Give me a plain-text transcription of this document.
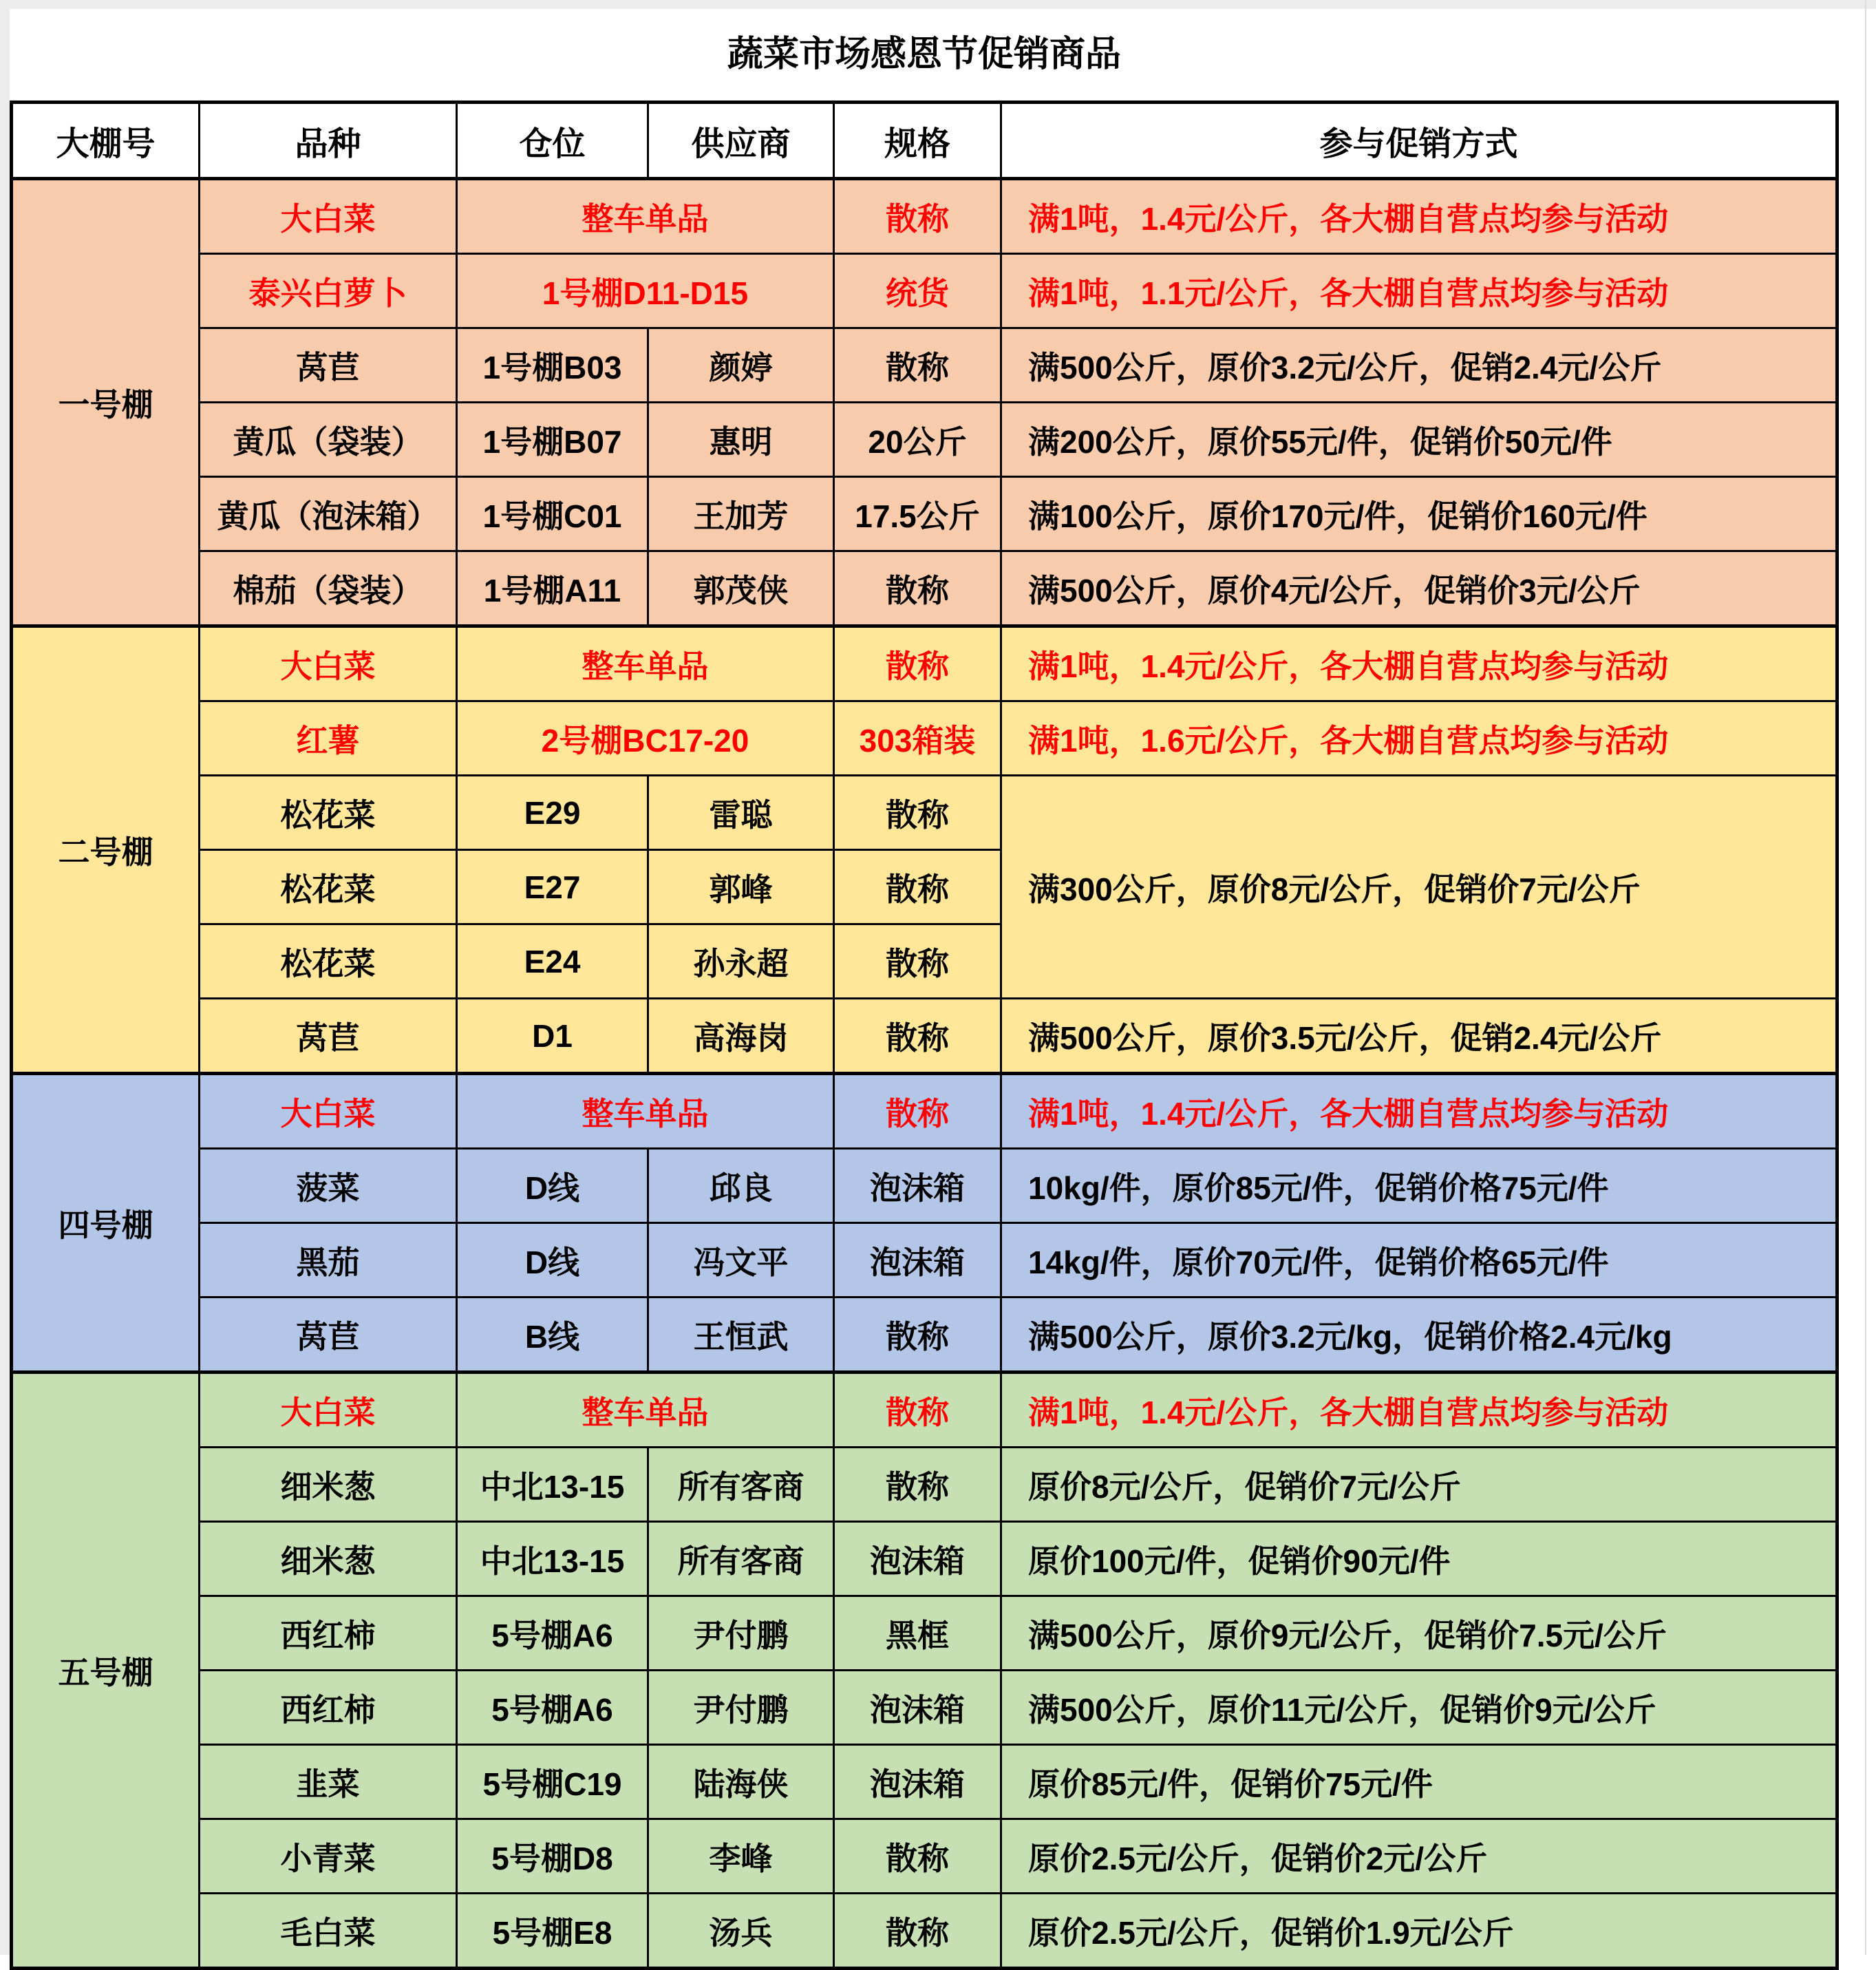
蔬菜市场感恩节促销商品
大棚号	品种	仓位	供应商	规格	参与促销方式
一号棚	大白菜	整车单品		散称	满1吨，1.4元/公斤，各大棚自营点均参与活动
	泰兴白萝卜	1号棚D11-D15		统货	满1吨，1.1元/公斤，各大棚自营点均参与活动
	莴苣	1号棚B03	颜婷	散称	满500公斤，原价3.2元/公斤，促销2.4元/公斤
	黄瓜（袋装）	1号棚B07	惠明	20公斤	满200公斤，原价55元/件，促销价50元/件
	黄瓜（泡沫箱）	1号棚C01	王加芳	17.5公斤	满100公斤，原价170元/件，促销价160元/件
	棉茄（袋装）	1号棚A11	郭茂侠	散称	满500公斤，原价4元/公斤，促销价3元/公斤
二号棚	大白菜	整车单品		散称	满1吨，1.4元/公斤，各大棚自营点均参与活动
	红薯	2号棚BC17-20		303箱装	满1吨，1.6元/公斤，各大棚自营点均参与活动
	松花菜	E29	雷聪	散称	满300公斤，原价8元/公斤，促销价7元/公斤
	松花菜	E27	郭峰	散称	
	松花菜	E24	孙永超	散称	
	莴苣	D1	高海岗	散称	满500公斤，原价3.5元/公斤，促销2.4元/公斤
四号棚	大白菜	整车单品		散称	满1吨，1.4元/公斤，各大棚自营点均参与活动
	菠菜	D线	邱良	泡沫箱	10kg/件，原价85元/件，促销价格75元/件
	黑茄	D线	冯文平	泡沫箱	14kg/件，原价70元/件，促销价格65元/件
	莴苣	B线	王恒武	散称	满500公斤，原价3.2元/kg，促销价格2.4元/kg
五号棚	大白菜	整车单品		散称	满1吨，1.4元/公斤，各大棚自营点均参与活动
	细米葱	中北13-15	所有客商	散称	原价8元/公斤，促销价7元/公斤
	细米葱	中北13-15	所有客商	泡沫箱	原价100元/件，促销价90元/件
	西红柿	5号棚A6	尹付鹏	黑框	满500公斤，原价9元/公斤，促销价7.5元/公斤
	西红柿	5号棚A6	尹付鹏	泡沫箱	满500公斤，原价11元/公斤，促销价9元/公斤
	韭菜	5号棚C19	陆海侠	泡沫箱	原价85元/件，促销价75元/件
	小青菜	5号棚D8	李峰	散称	原价2.5元/公斤，促销价2元/公斤
	毛白菜	5号棚E8	汤兵	散称	原价2.5元/公斤，促销价1.9元/公斤
